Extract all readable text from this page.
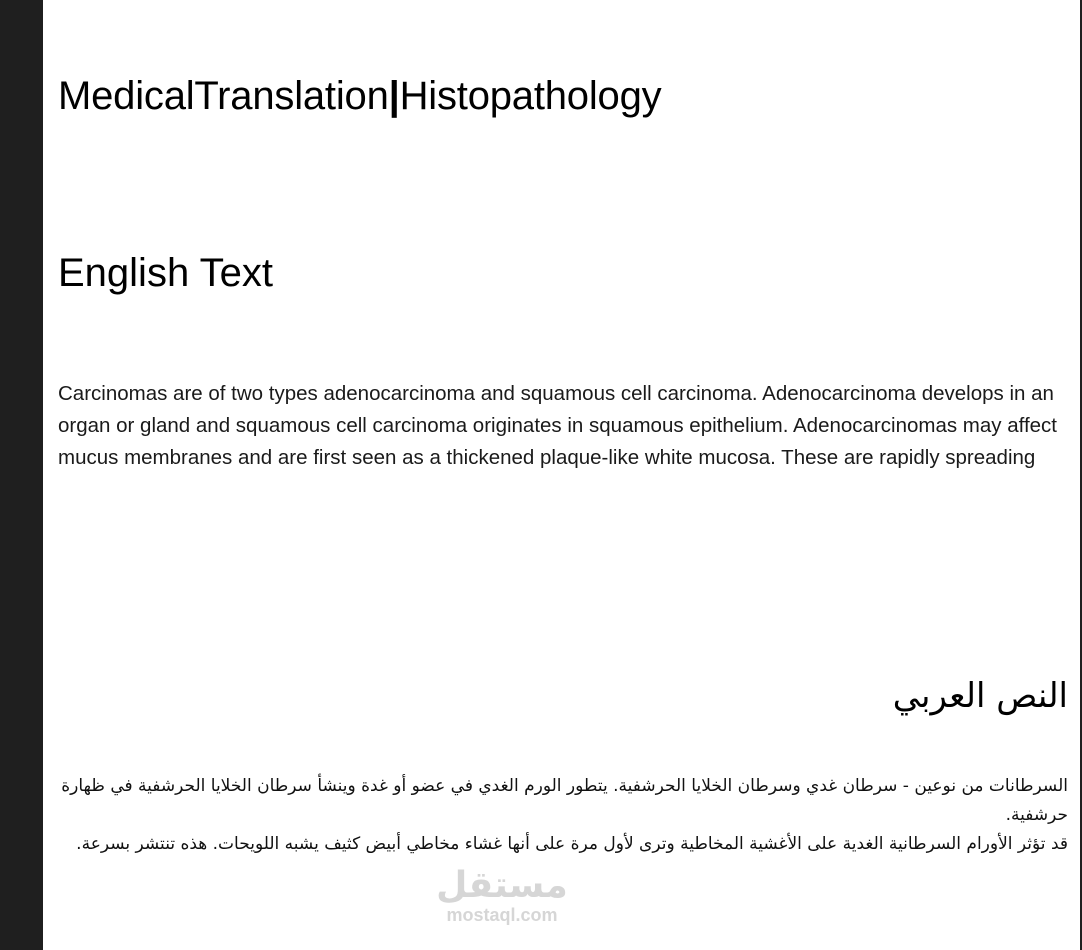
MedicalTranslation|Histopathology
English Text
Carcinomas are of two types adenocarcinoma and squamous cell carcinoma. Adenocarcinoma develops in an organ or gland and squamous cell carcinoma originates in squamous epithelium. Adenocarcinomas may affect mucus membranes and are first seen as a thickened plaque-like white mucosa. These are rapidly spreading
النص العربي

السرطانات من نوعين - سرطان غدي وسرطان الخلايا الحرشفية. يتطور الورم الغدي في عضو أو غدة وينشأ سرطان الخلايا الحرشفية في ظهارة حرشفية.

قد تؤثر الأورام السرطانية الغدية على الأغشية المخاطية وترى لأول مرة على أنها غشاء مخاطي أبيض كثيف يشبه اللويحات. هذه تنتشر بسرعة.

مستقل
mostaql.com
